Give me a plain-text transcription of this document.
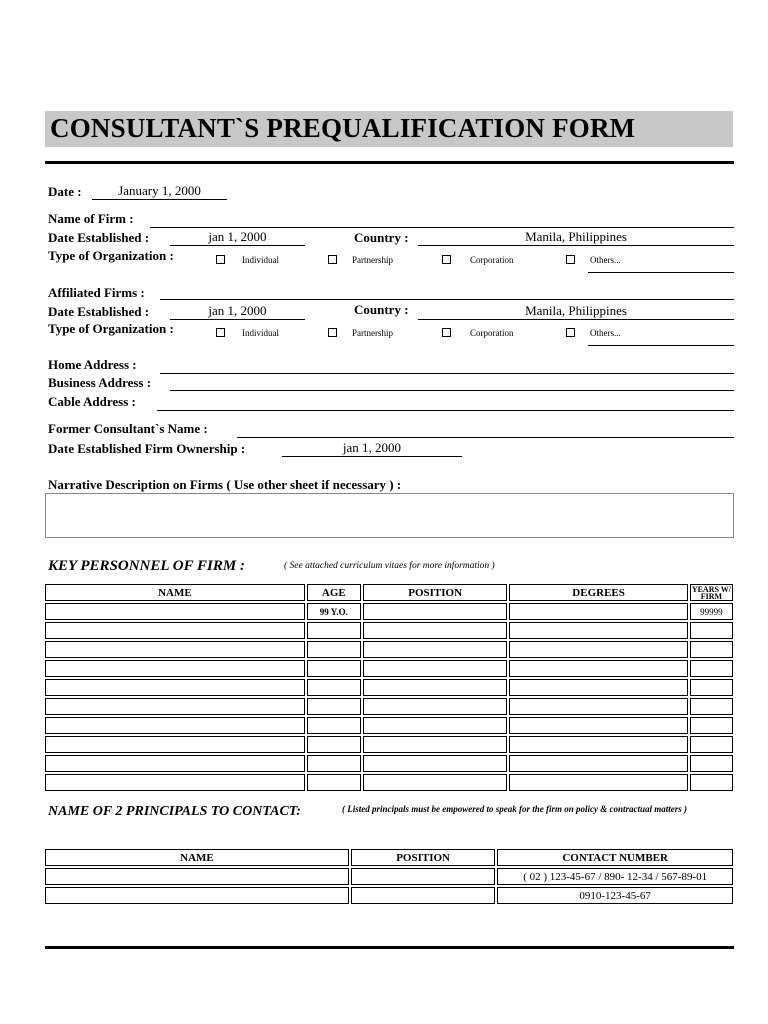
CONSULTANT`S PREQUALIFICATION FORM
Date :	January 1, 2000
Name of Firm :
Date Established :	jan 1, 2000	Country :	Manila, Philippines
Type of Organization :	Individual	Partnership	Corporation	Others...
Affiliated Firms :
Date Established :	jan 1, 2000	Country :	Manila, Philippines
Type of Organization :	Individual	Partnership	Corporation	Others...
Home Address :
Business Address :
Cable Address :
Former Consultant`s Name :
Date Established Firm Ownership :	jan 1, 2000
Narrative Description on Firms ( Use other sheet if necessary ) :
KEY PERSONNEL OF FIRM :	( See attached curriculum vitaes for more information )
NAME	AGE	POSITION	DEGREES	YEARS W/ FIRM
	99 Y.O.			99999

NAME OF 2 PRINCIPALS TO CONTACT:	( Listed principals must be empowered to speak for the firm on policy & contractual matters )
NAME	POSITION	CONTACT NUMBER
		( 02 ) 123-45-67 / 890- 12-34 / 567-89-01
		0910-123-45-67
